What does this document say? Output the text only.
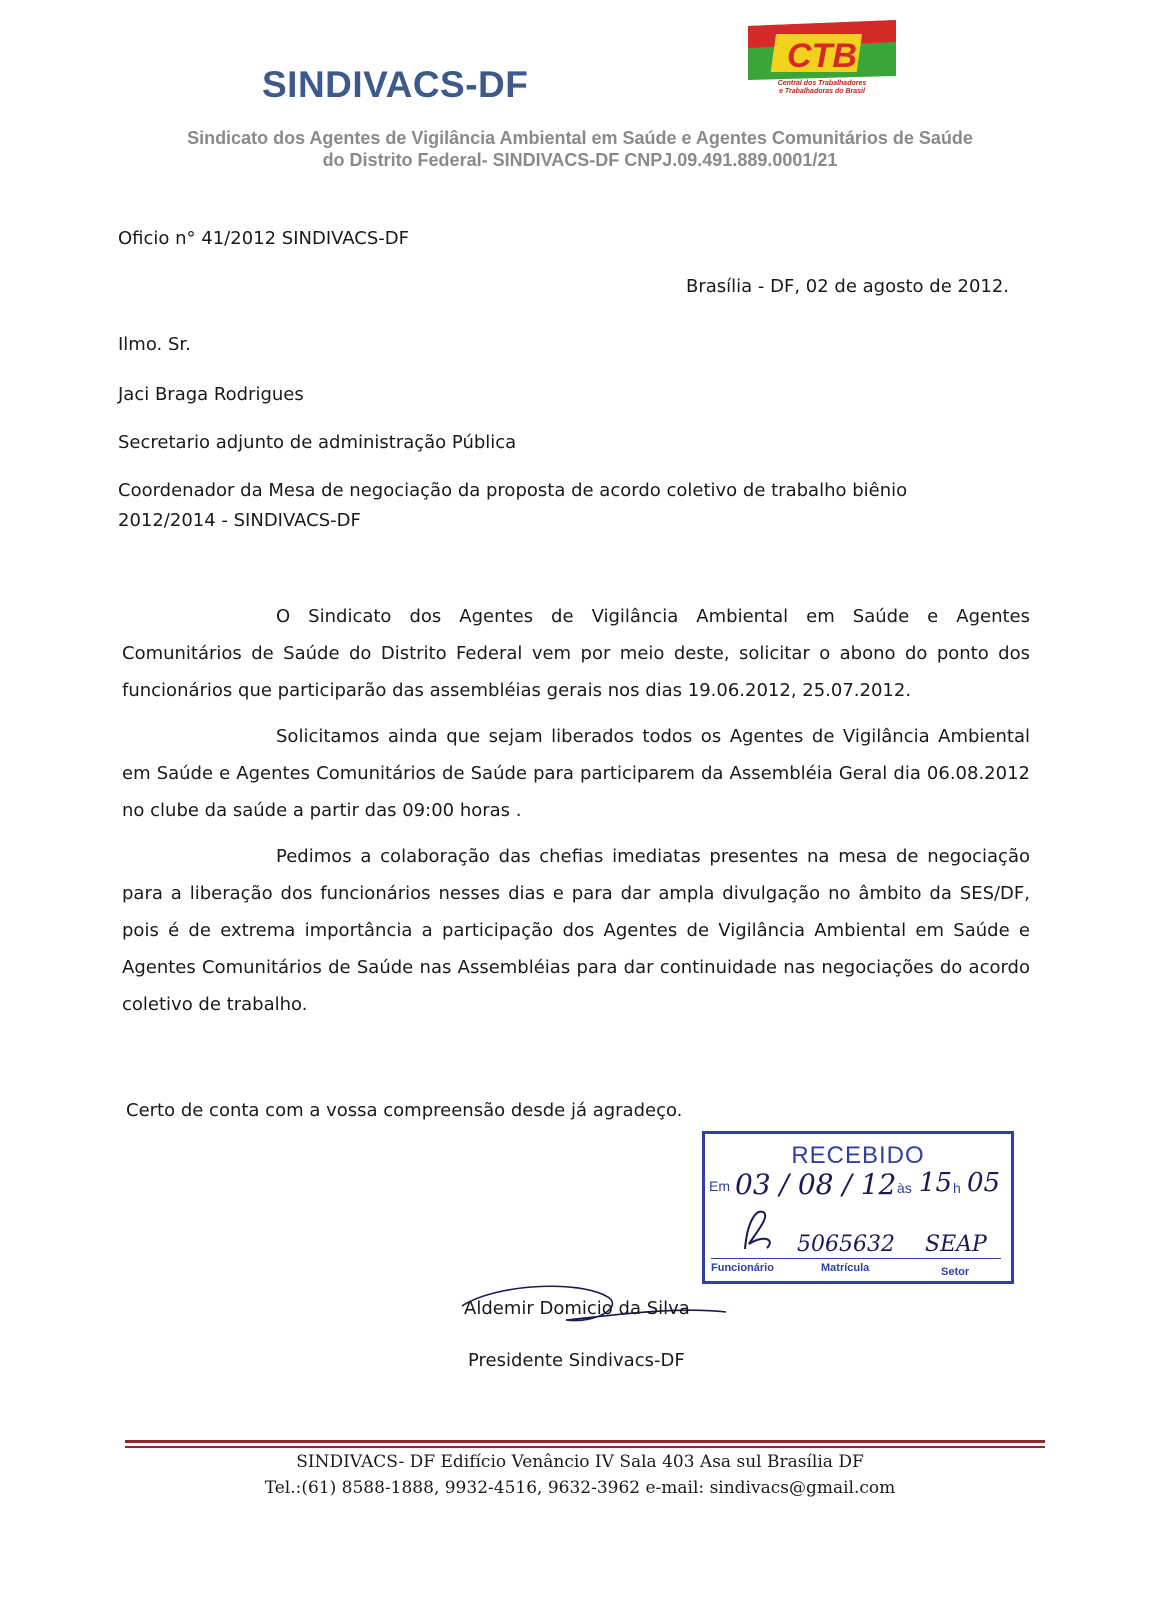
SINDIVACS-DF
CTB
Central dos Trabalhadores
e Trabalhadoras do Brasil
Sindicato dos Agentes de Vigilância Ambiental em Saúde e Agentes Comunitários de Saúde
do Distrito Federal- SINDIVACS-DF CNPJ.09.491.889.0001/21
Oficio n° 41/2012 SINDIVACS-DF
Brasília - DF, 02 de agosto de 2012.
Ilmo. Sr.
Jaci Braga Rodrigues
Secretario adjunto de administração Pública
Coordenador da Mesa de negociação da proposta de acordo coletivo de trabalho biênio
2012/2014 - SINDIVACS-DF
O Sindicato dos Agentes de Vigilância Ambiental em Saúde e Agentes Comunitários de Saúde do Distrito Federal vem por meio deste, solicitar o abono do ponto dos funcionários que participarão das assembléias gerais nos dias 19.06.2012, 25.07.2012.
Solicitamos ainda que sejam liberados todos os Agentes de Vigilância Ambiental em Saúde e Agentes Comunitários de Saúde para participarem da Assembléia Geral dia 06.08.2012 no clube da saúde a partir das 09:00 horas .
Pedimos a colaboração das chefias imediatas presentes na mesa de negociação para a liberação dos funcionários nesses dias e para dar ampla divulgação no âmbito da SES/DF, pois é de extrema importância a participação dos Agentes de Vigilância Ambiental em Saúde e Agentes Comunitários de Saúde nas Assembléias para dar continuidade nas negociações do acordo coletivo de trabalho.
Certo de conta com a vossa compreensão desde já agradeço.
RECEBIDO
Em 03 / 08 / 12 às 15 h 05
5065632 SEAP
Funcionário	Matrícula	Setor
Aldemir Domicio da Silva
Presidente Sindivacs-DF
SINDIVACS- DF Edifício Venâncio IV Sala 403 Asa sul Brasília DF
Tel.:(61) 8588-1888, 9932-4516, 9632-3962 e-mail: sindivacs@gmail.com
